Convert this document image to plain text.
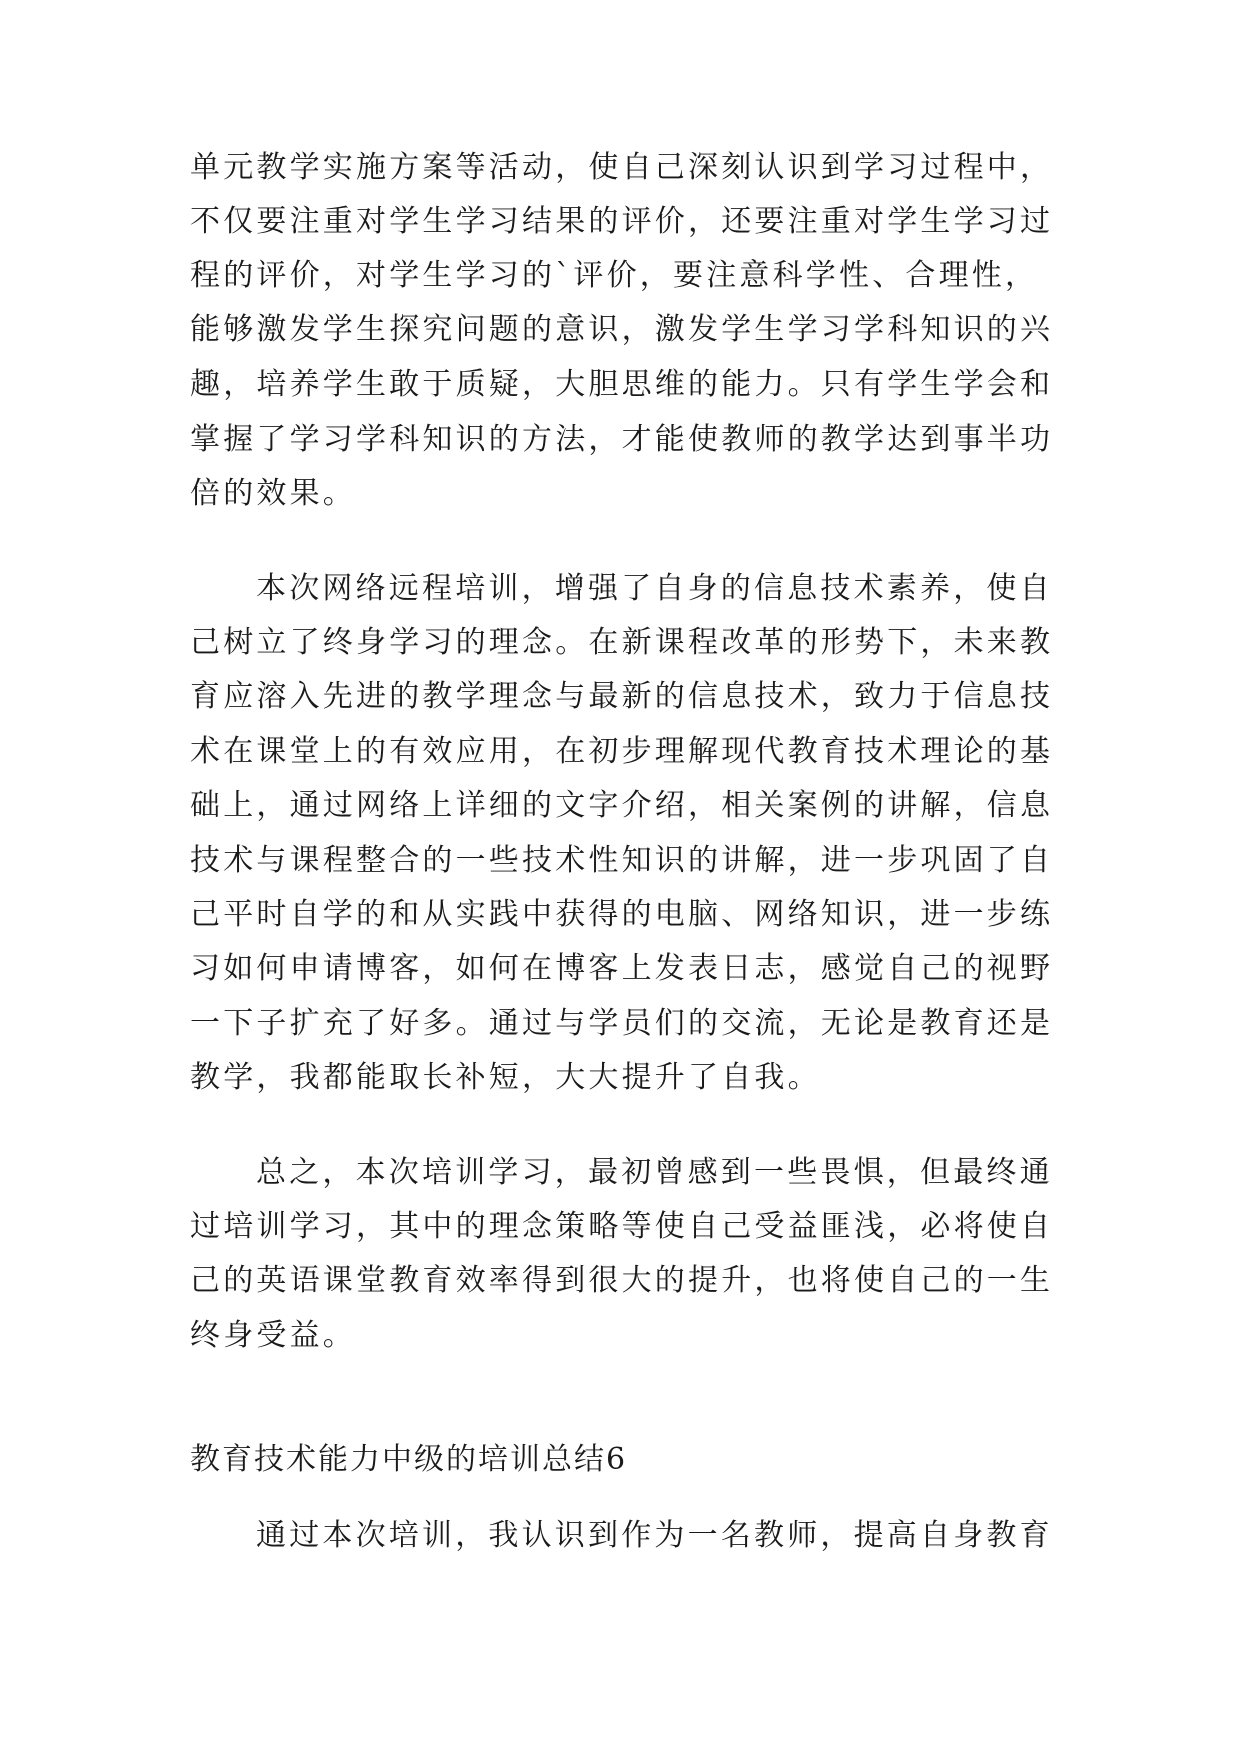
单元教学实施方案等活动，使自己深刻认识到学习过程中，
不仅要注重对学生学习结果的评价，还要注重对学生学习过
程的评价，对学生学习的`评价，要注意科学性、合理性，
能够激发学生探究问题的意识，激发学生学习学科知识的兴
趣，培养学生敢于质疑，大胆思维的能力。只有学生学会和
掌握了学习学科知识的方法，才能使教师的教学达到事半功
倍的效果。
本次网络远程培训，增强了自身的信息技术素养，使自
己树立了终身学习的理念。在新课程改革的形势下，未来教
育应溶入先进的教学理念与最新的信息技术，致力于信息技
术在课堂上的有效应用，在初步理解现代教育技术理论的基
础上，通过网络上详细的文字介绍，相关案例的讲解，信息
技术与课程整合的一些技术性知识的讲解，进一步巩固了自
己平时自学的和从实践中获得的电脑、网络知识，进一步练
习如何申请博客，如何在博客上发表日志，感觉自己的视野
一下子扩充了好多。通过与学员们的交流，无论是教育还是
教学，我都能取长补短，大大提升了自我。
总之，本次培训学习，最初曾感到一些畏惧，但最终通
过培训学习，其中的理念策略等使自己受益匪浅，必将使自
己的英语课堂教育效率得到很大的提升，也将使自己的一生
终身受益。
教育技术能力中级的培训总结6
通过本次培训，我认识到作为一名教师，提高自身教育
